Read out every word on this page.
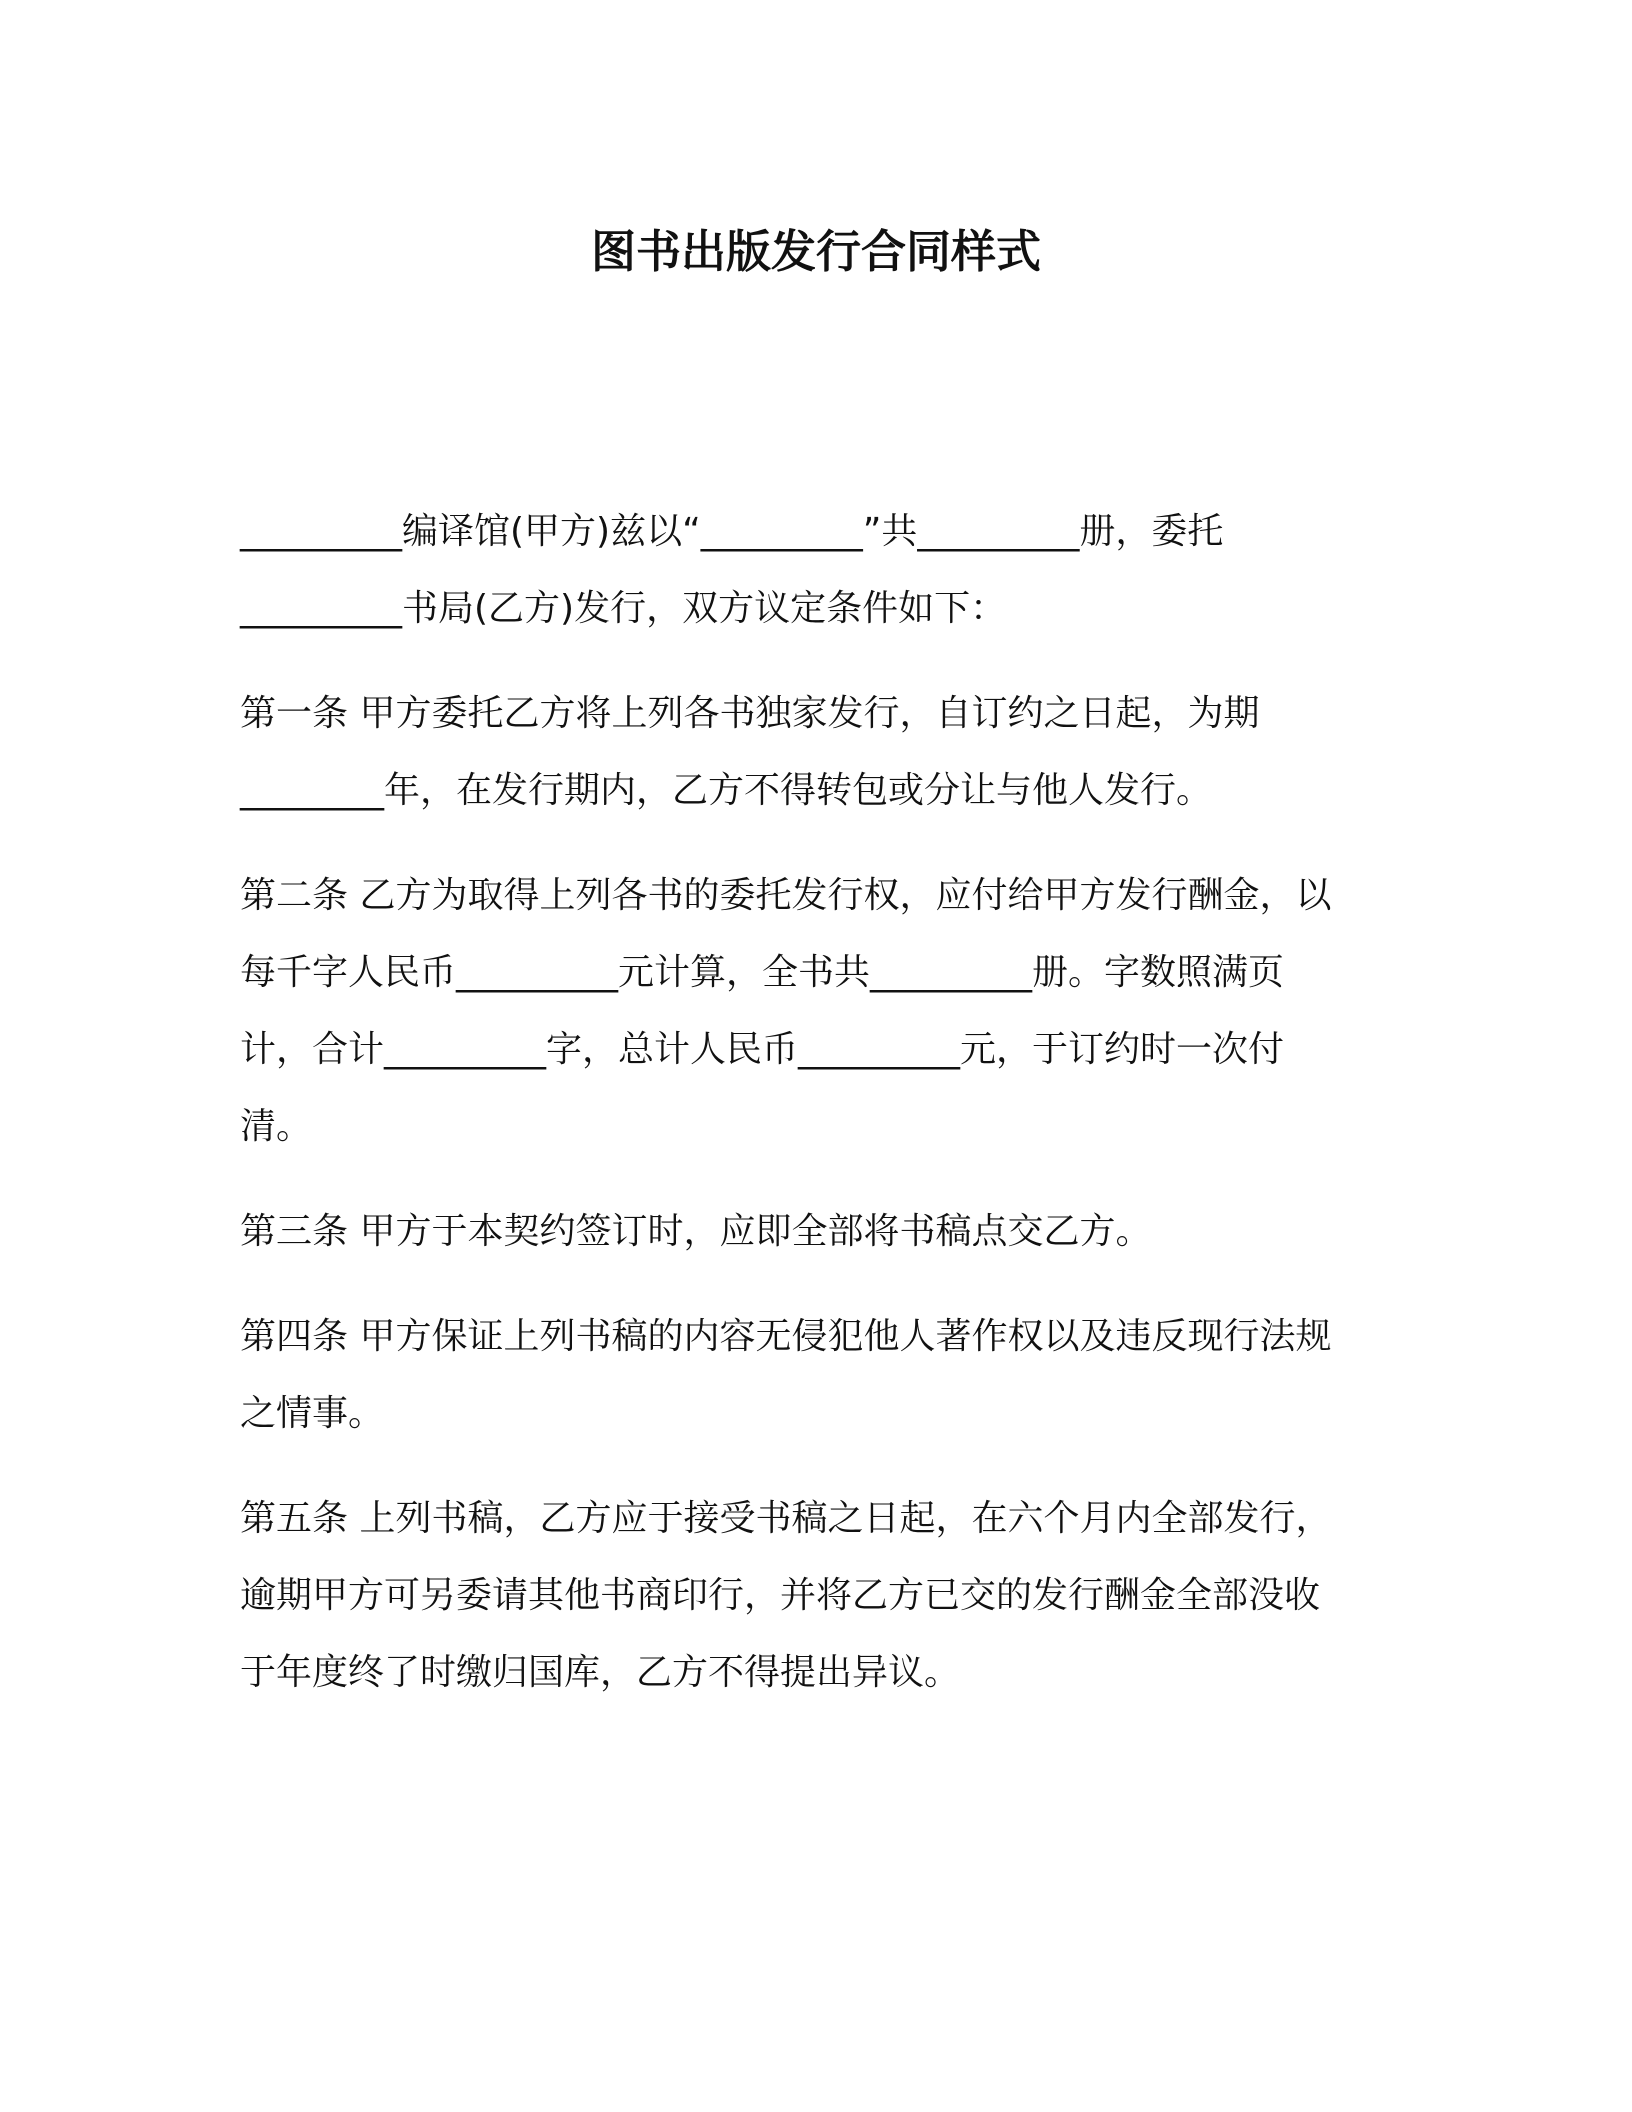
图书出版发行合同样式

_________编译馆(甲方)兹以“_________”共_________册，委托
_________书局(乙方)发行，双方议定条件如下：

第一条 甲方委托乙方将上列各书独家发行，自订约之日起，为期
________年，在发行期内，乙方不得转包或分让与他人发行。

第二条 乙方为取得上列各书的委托发行权，应付给甲方发行酬金，以
每千字人民币_________元计算，全书共_________册。字数照满页
计，合计_________字，总计人民币_________元，于订约时一次付
清。

第三条 甲方于本契约签订时，应即全部将书稿点交乙方。

第四条 甲方保证上列书稿的内容无侵犯他人著作权以及违反现行法规
之情事。

第五条 上列书稿，乙方应于接受书稿之日起，在六个月内全部发行，
逾期甲方可另委请其他书商印行，并将乙方已交的发行酬金全部没收
于年度终了时缴归国库，乙方不得提出异议。
